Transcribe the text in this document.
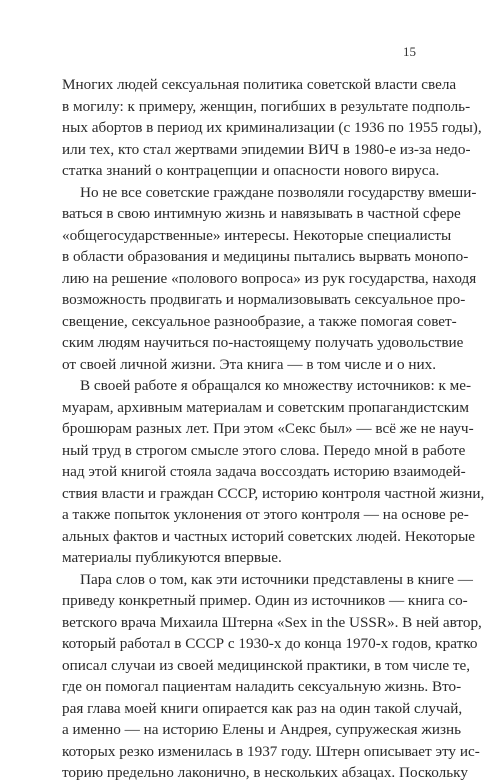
15
Многих людей сексуальная политика советской власти свела
в могилу: к примеру, женщин, погибших в результате подполь-
ных абортов в период их криминализации (с 1936 по 1955 годы),
или тех, кто стал жертвами эпидемии ВИЧ в 1980-е из-за недо-
статка знаний о контрацепции и опасности нового вируса.
Но не все советские граждане позволяли государству вмеши-
ваться в свою интимную жизнь и навязывать в частной сфере
«общегосударственные» интересы. Некоторые специалисты
в области образования и медицины пытались вырвать монопо-
лию на решение «полового вопроса» из рук государства, находя
возможность продвигать и нормализовывать сексуальное про-
свещение, сексуальное разнообразие, а также помогая совет-
ским людям научиться по-настоящему получать удовольствие
от своей личной жизни. Эта книга — в том числе и о них.
В своей работе я обращался ко множеству источников: к ме-
муарам, архивным материалам и советским пропагандистским
брошюрам разных лет. При этом «Секс был» — всё же не науч-
ный труд в строгом смысле этого слова. Передо мной в работе
над этой книгой стояла задача воссоздать историю взаимодей-
ствия власти и граждан СССР, историю контроля частной жизни,
а также попыток уклонения от этого контроля — на основе ре-
альных фактов и частных историй советских людей. Некоторые
материалы публикуются впервые.
Пара слов о том, как эти источники представлены в книге —
приведу конкретный пример. Один из источников — книга со-
ветского врача Михаила Штерна «Sex in the USSR». В ней автор,
который работал в СССР с 1930-х до конца 1970-х годов, кратко
описал случаи из своей медицинской практики, в том числе те,
где он помогал пациентам наладить сексуальную жизнь. Вто-
рая глава моей книги опирается как раз на один такой случай,
а именно — на историю Елены и Андрея, супружеская жизнь
которых резко изменилась в 1937 году. Штерн описывает эту ис-
торию предельно лаконично, в нескольких абзацах. Поскольку
